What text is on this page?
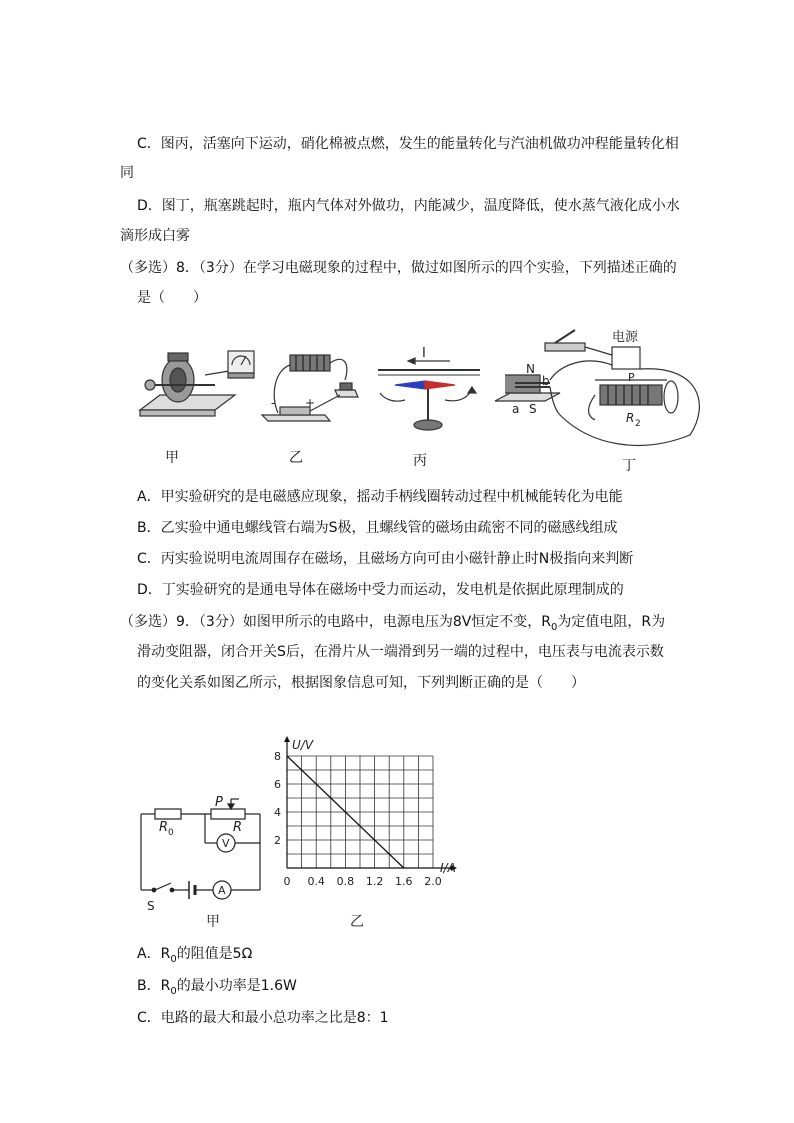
C．图丙，活塞向下运动，硝化棉被点燃，发生的能量转化与汽油机做功冲程能量转化相
同
D．图丁，瓶塞跳起时，瓶内气体对外做功，内能减少，温度降低，使水蒸气液化成小水
滴形成白雾
（多选）8．（3分）在学习电磁现象的过程中，做过如图所示的四个实验，下列描述正确的
是（　　）
- +
I
电源
N
b
a S
P
R 2
甲	乙	丙	丁
A．甲实验研究的是电磁感应现象，摇动手柄线圈转动过程中机械能转化为电能
B．乙实验中通电螺线管右端为S极，且螺线管的磁场由疏密不同的磁感线组成
C．丙实验说明电流周围存在磁场，且磁场方向可由小磁针静止时N极指向来判断
D．丁实验研究的是通电导体在磁场中受力而运动，发电机是依据此原理制成的
（多选）9．（3分）如图甲所示的电路中，电源电压为8V恒定不变，$R_0$为定值电阻，R为
滑动变阻器，闭合开关S后，在滑片从一端滑到另一端的过程中，电压表与电流表示数
的变化关系如图乙所示，根据图象信息可知，下列判断正确的是（　　）
R 0
P
R
V
A
S
甲
0 0.4 0.8 1.2 1.6 2.0
2
4
6
8
U/V
I/A
乙
A．$R_0$的阻值是5Ω
B．$R_0$的最小功率是1.6W
C．电路的最大和最小总功率之比是8：1
